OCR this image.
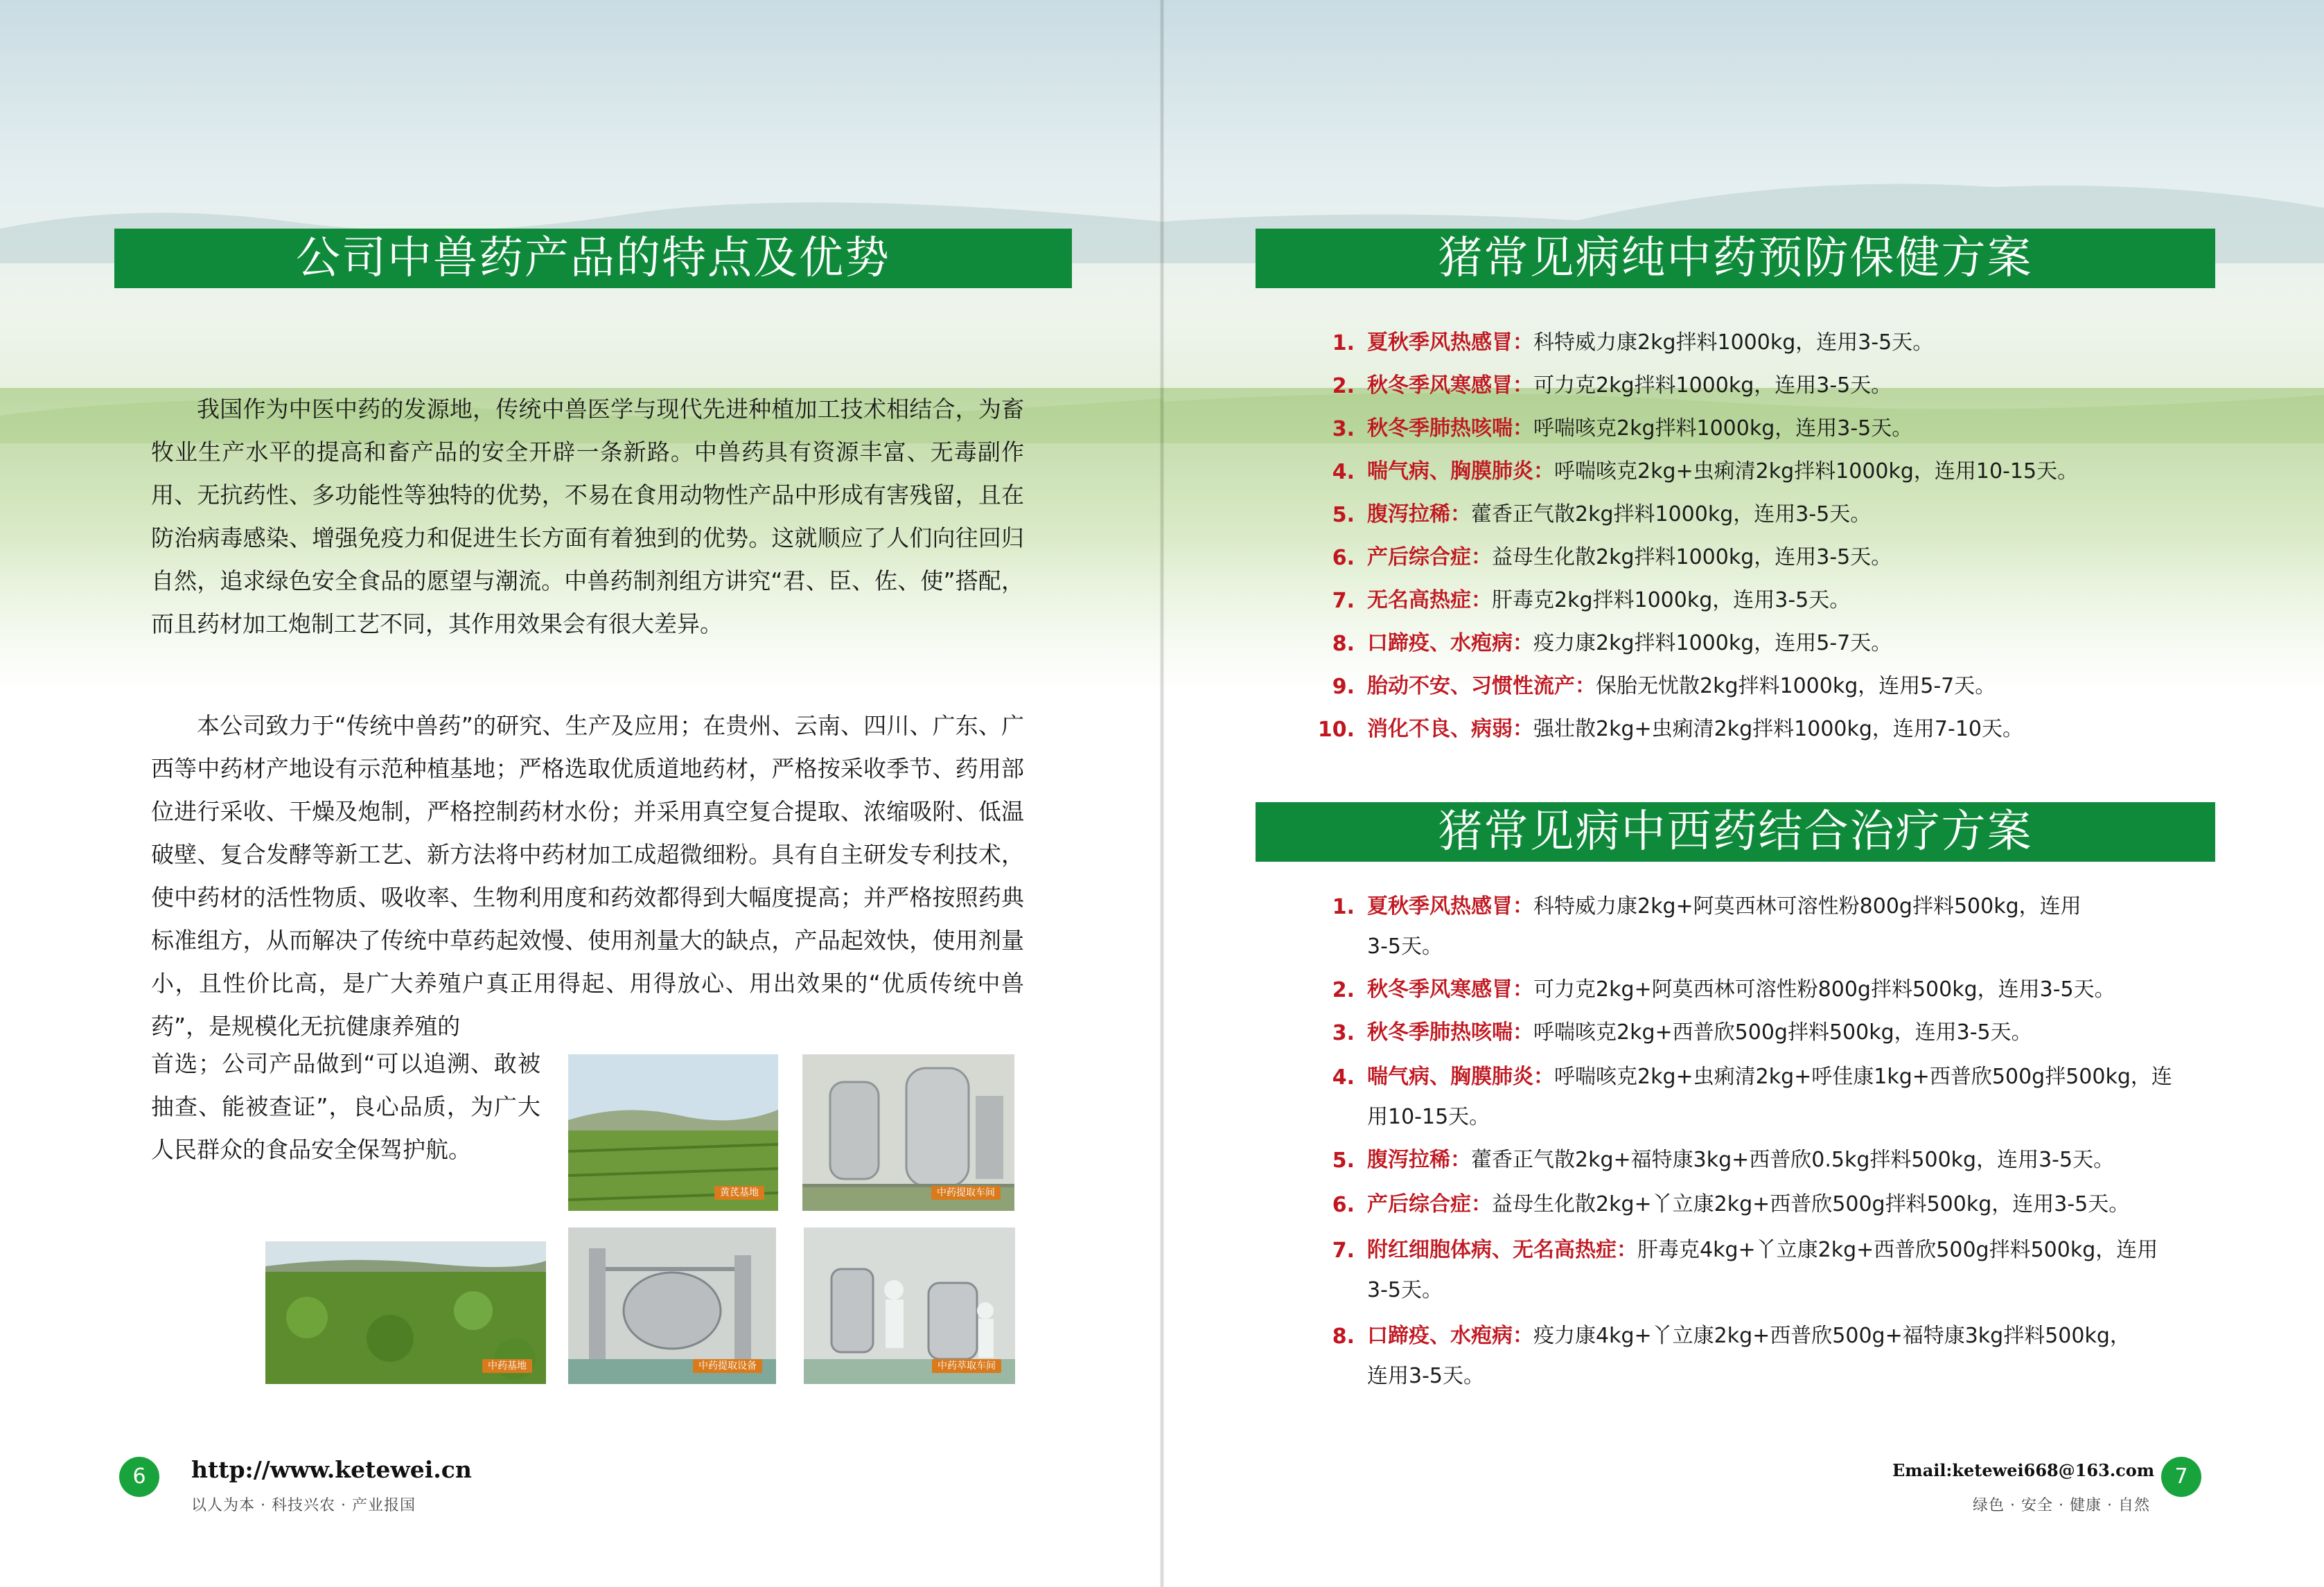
公司中兽药产品的特点及优势

我国作为中医中药的发源地，传统中兽医学与现代先进种植加工技术相结合，为畜牧业生产水平的提高和畜产品的安全开辟一条新路。中兽药具有资源丰富、无毒副作用、无抗药性、多功能性等独特的优势，不易在食用动物性产品中形成有害残留，且在防治病毒感染、增强免疫力和促进生长方面有着独到的优势。这就顺应了人们向往回归自然，追求绿色安全食品的愿望与潮流。中兽药制剂组方讲究“君、臣、佐、使”搭配，而且药材加工炮制工艺不同，其作用效果会有很大差异。

本公司致力于“传统中兽药”的研究、生产及应用；在贵州、云南、四川、广东、广西等中药材产地设有示范种植基地；严格选取优质道地药材，严格按采收季节、药用部位进行采收、干燥及炮制，严格控制药材水份；并采用真空复合提取、浓缩吸附、低温破壁、复合发酵等新工艺、新方法将中药材加工成超微细粉。具有自主研发专利技术，使中药材的活性物质、吸收率、生物利用度和药效都得到大幅度提高；并严格按照药典标准组方，从而解决了传统中草药起效慢、使用剂量大的缺点，产品起效快，使用剂量小，且性价比高，是广大养殖户真正用得起、用得放心、用出效果的“优质传统中兽药”，是规模化无抗健康养殖的

首选；公司产品做到“可以追溯、敢被抽查、能被查证”，良心品质，为广大人民群众的食品安全保驾护航。

黄芪基地	中药提取车间
中药基地	中药提取设备	中药萃取车间
6	http://www.ketewei.cn
以人为本 · 科技兴农 · 产业报国
猪常见病纯中药预防保健方案
1. 夏秋季风热感冒：科特威力康2kg拌料1000kg，连用3-5天。
2. 秋冬季风寒感冒：可力克2kg拌料1000kg，连用3-5天。
3. 秋冬季肺热咳喘：呼喘咳克2kg拌料1000kg，连用3-5天。
4. 喘气病、胸膜肺炎：呼喘咳克2kg+虫痢清2kg拌料1000kg，连用10-15天。
5. 腹泻拉稀：藿香正气散2kg拌料1000kg，连用3-5天。
6. 产后综合症：益母生化散2kg拌料1000kg，连用3-5天。
7. 无名高热症：肝毒克2kg拌料1000kg，连用3-5天。
8. 口蹄疫、水疱病：疫力康2kg拌料1000kg，连用5-7天。
9. 胎动不安、习惯性流产：保胎无忧散2kg拌料1000kg，连用5-7天。
10. 消化不良、病弱：强壮散2kg+虫痢清2kg拌料1000kg，连用7-10天。
猪常见病中西药结合治疗方案
1. 夏秋季风热感冒：科特威力康2kg+阿莫西林可溶性粉800g拌料500kg，连用
3-5天。
2. 秋冬季风寒感冒：可力克2kg+阿莫西林可溶性粉800g拌料500kg，连用3-5天。
3. 秋冬季肺热咳喘：呼喘咳克2kg+西普欣500g拌料500kg，连用3-5天。
4. 喘气病、胸膜肺炎：呼喘咳克2kg+虫痢清2kg+呼佳康1kg+西普欣500g拌500kg，连
用10-15天。
5. 腹泻拉稀：藿香正气散2kg+福特康3kg+西普欣0.5kg拌料500kg，连用3-5天。
6. 产后综合症：益母生化散2kg+丫立康2kg+西普欣500g拌料500kg，连用3-5天。
7. 附红细胞体病、无名高热症：肝毒克4kg+丫立康2kg+西普欣500g拌料500kg，连用
3-5天。
8. 口蹄疫、水疱病：疫力康4kg+丫立康2kg+西普欣500g+福特康3kg拌料500kg，
连用3-5天。
Email:ketewei668@163.com
绿色 · 安全 · 健康 · 自然
7
